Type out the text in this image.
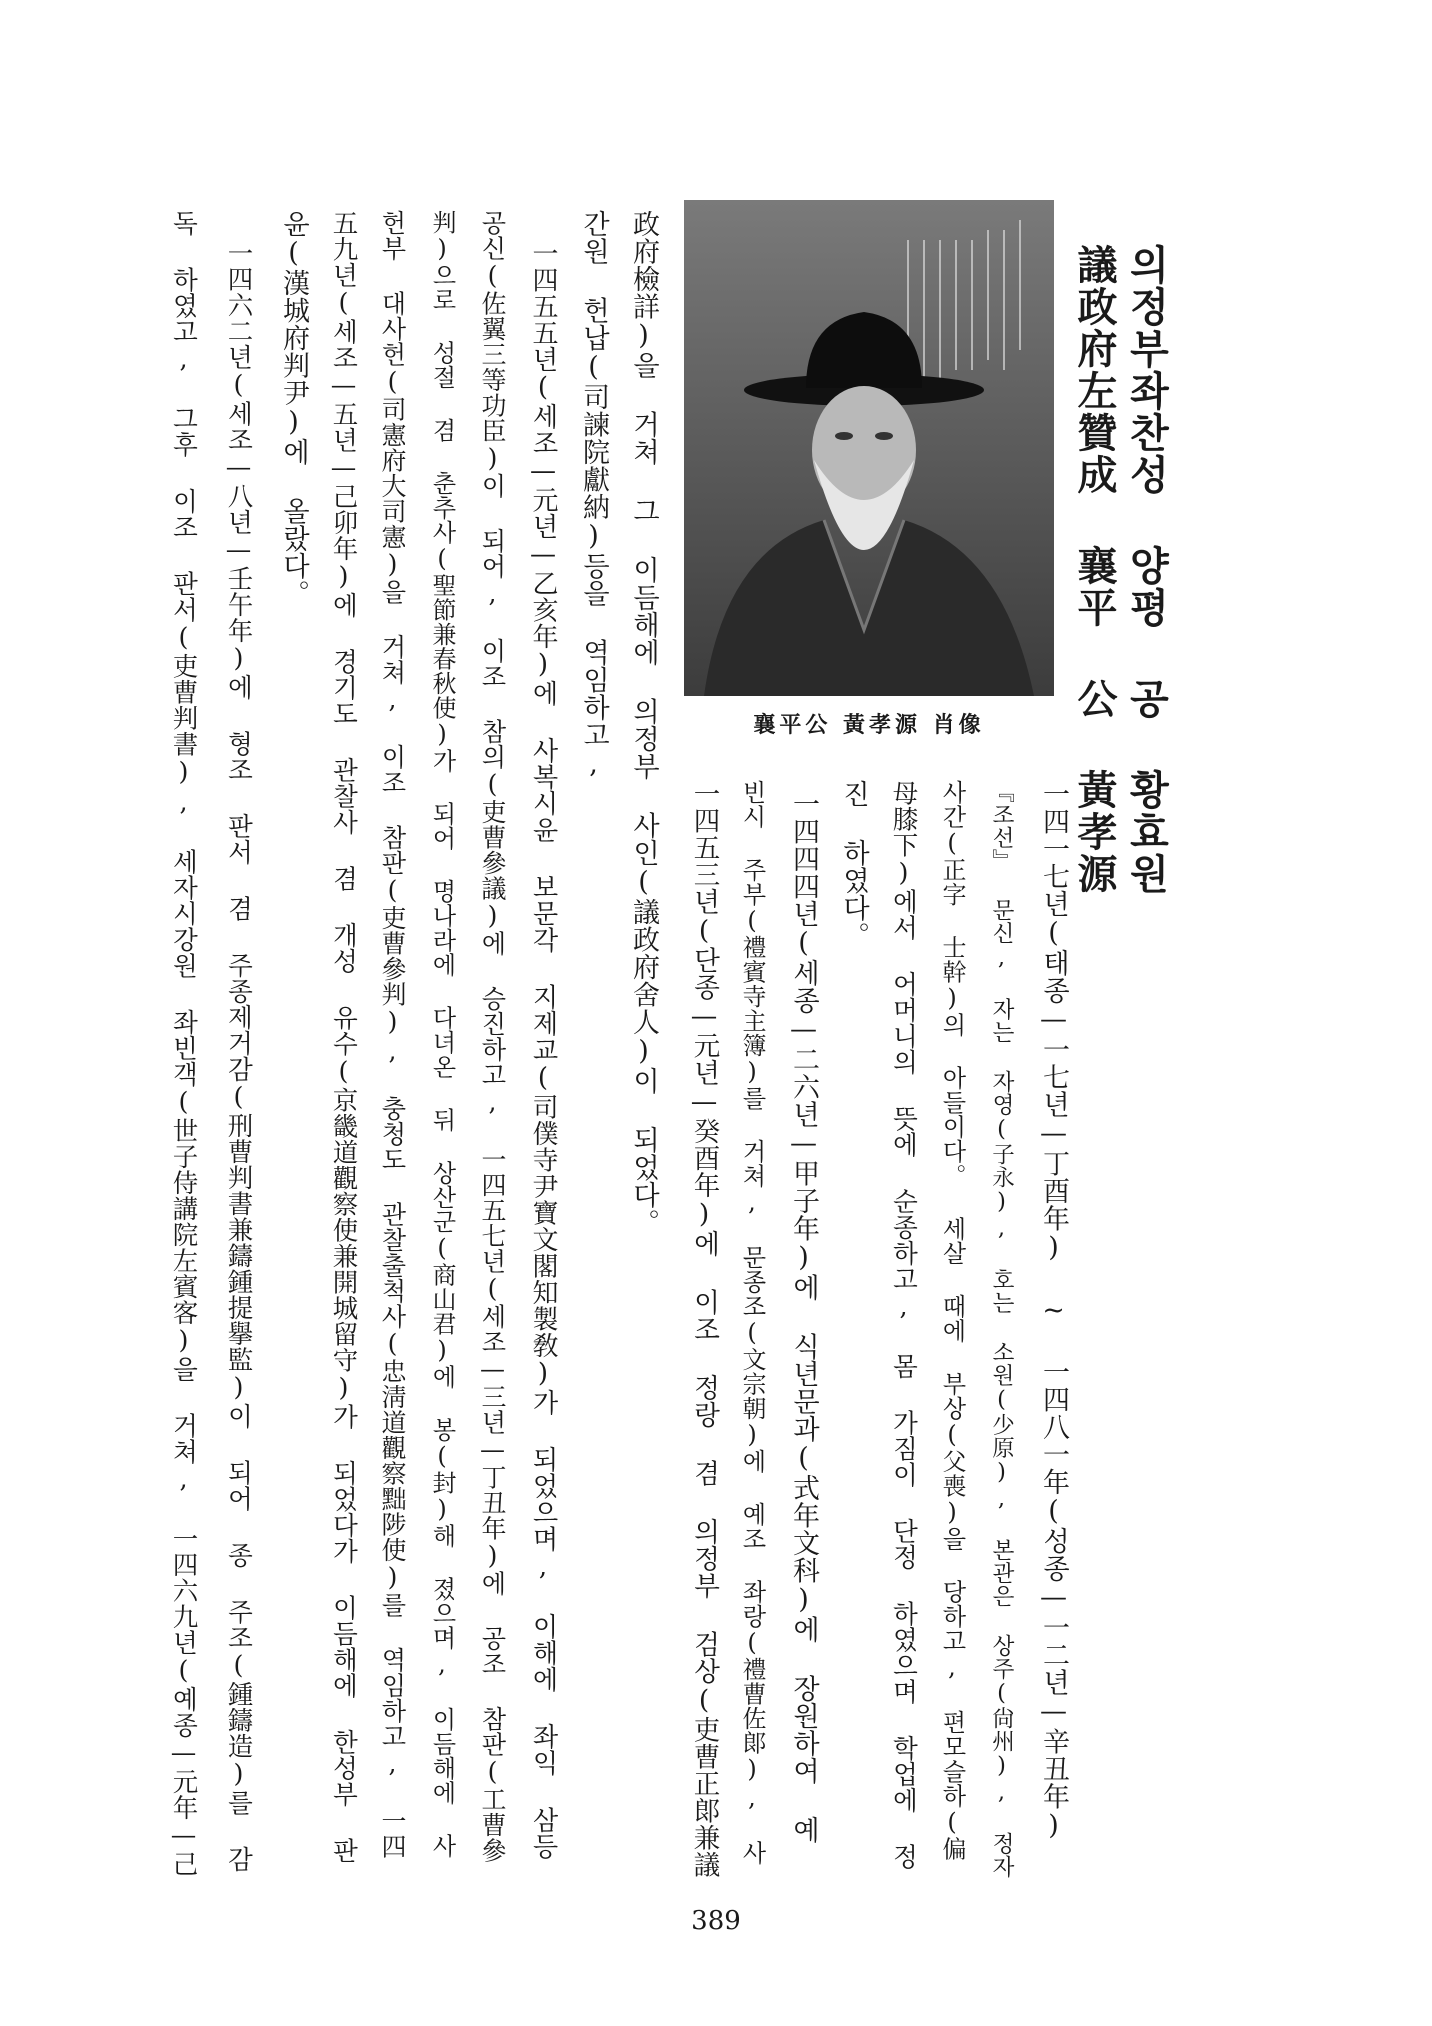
의정부좌찬성 양평 공 황효원
議政府左贊成 襄平 公 黃孝源
襄平公 黃孝源 肖像
一四一七년(태종—一七년—丁酉年) ~ 一四八一年(성종—一二년—辛丑年)
『조선』 문신, 자는 자영(子永), 호는 소원(少原), 본관은 상주(尙州), 정자
사간(正字 士幹)의 아들이다。 세살 때에 부상(父喪)을 당하고, 편모슬하(偏
母膝下)에서 어머니의 뜻에 순종하고, 몸 가짐이 단정 하였으며 학업에 정
진 하였다。
一四四四년(세종—二六년—甲子年)에 식년문과(式年文科)에 장원하여 예
빈시 주부(禮賓寺主簿)를 거쳐, 문종조(文宗朝)에 예조 좌랑(禮曹佐郞), 사
一四五三년(단종—元년—癸酉年)에 이조 정랑 겸 의정부 검상(吏曹正郞兼議
政府檢詳)을 거쳐 그 이듬해에 의정부 사인(議政府舍人)이 되었다。
간원 헌납(司諫院獻納)등을 역임하고,
一四五五년(세조—元년—乙亥年)에 사복시윤 보문각 지제교(司僕寺尹寶文閣知製敎)가 되었으며, 이해에 좌익 삼등
공신(佐翼三等功臣)이 되어, 이조 참의(吏曹參議)에 승진하고, 一四五七년(세조—三년—丁丑年)에 공조 참판(工曹參
判)으로 성절 겸 춘추사(聖節兼春秋使)가 되어 명나라에 다녀온 뒤 상산군(商山君)에 봉(封)해 졌으며, 이듬해에 사
헌부 대사헌(司憲府大司憲)을 거쳐, 이조 참판(吏曹參判), 충청도 관찰출척사(忠淸道觀察黜陟使)를 역임하고, 一四
五九년(세조—五년—己卯年)에 경기도 관찰사 겸 개성 유수(京畿道觀察使兼開城留守)가 되었다가 이듬해에 한성부 판
윤(漢城府判尹)에 올랐다。
一四六二년(세조—八년—壬午年)에 형조 판서 겸 주종제거감(刑曹判書兼鑄鍾提擧監)이 되어 종 주조(鍾鑄造)를 감
독 하였고, 그후 이조 판서(吏曹判書), 세자시강원 좌빈객(世子侍講院左賓客)을 거쳐, 一四六九년(예종—元年—己
389
